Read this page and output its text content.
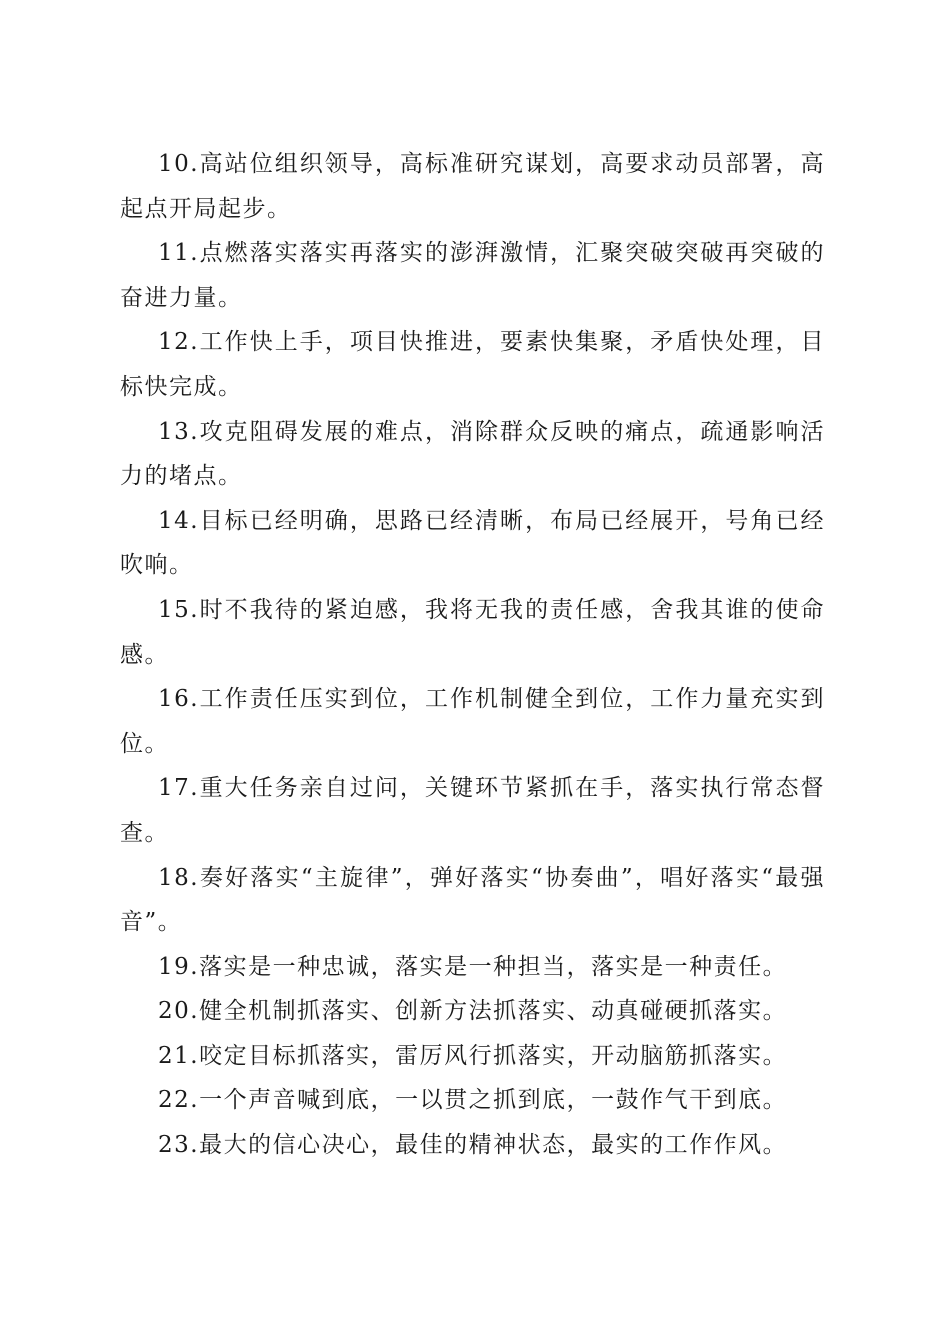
10.高站位组织领导，高标准研究谋划，高要求动员部署，高起点开局起步。

11.点燃落实落实再落实的澎湃激情，汇聚突破突破再突破的奋进力量。

12.工作快上手，项目快推进，要素快集聚，矛盾快处理，目标快完成。

13.攻克阻碍发展的难点，消除群众反映的痛点，疏通影响活力的堵点。

14.目标已经明确，思路已经清晰，布局已经展开，号角已经吹响。

15.时不我待的紧迫感，我将无我的责任感，舍我其谁的使命感。

16.工作责任压实到位，工作机制健全到位，工作力量充实到位。

17.重大任务亲自过问，关键环节紧抓在手，落实执行常态督查。

18.奏好落实“主旋律”，弹好落实“协奏曲”，唱好落实“最强音”。

19.落实是一种忠诚，落实是一种担当，落实是一种责任。

20.健全机制抓落实、创新方法抓落实、动真碰硬抓落实。

21.咬定目标抓落实，雷厉风行抓落实，开动脑筋抓落实。

22.一个声音喊到底，一以贯之抓到底，一鼓作气干到底。

23.最大的信心决心，最佳的精神状态，最实的工作作风。
